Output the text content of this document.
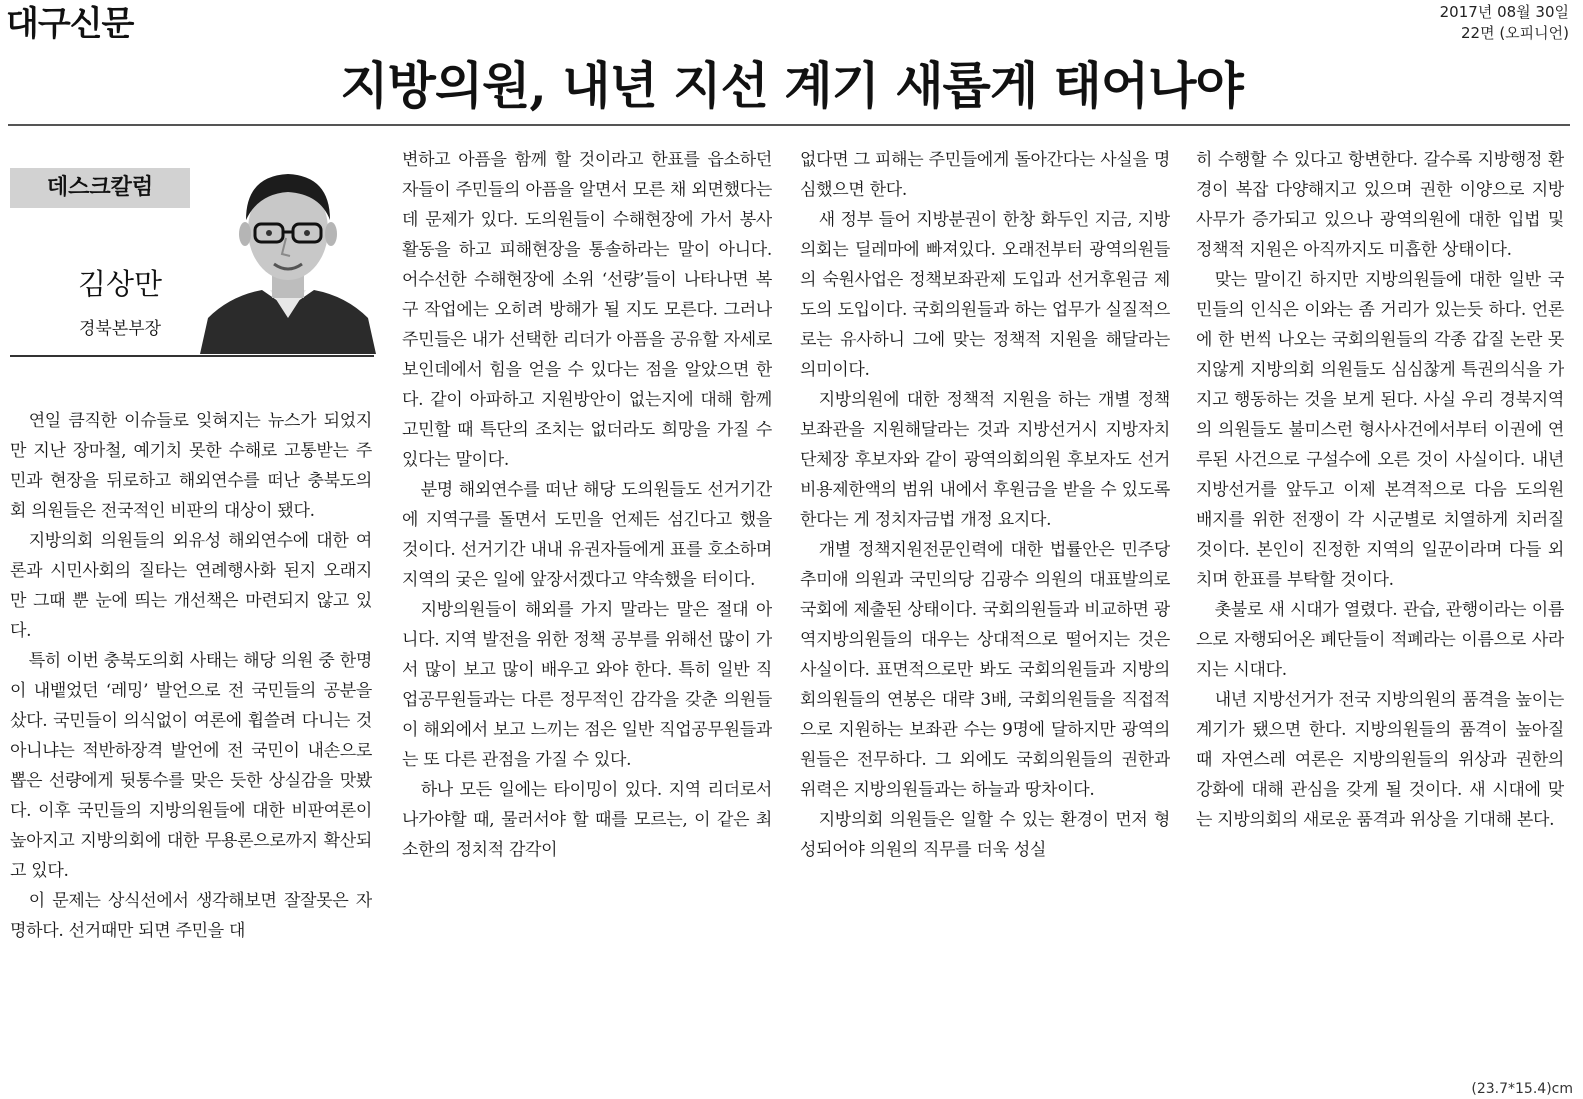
대구신문	2017년 08월 30일
22면 (오피니언)
지방의원, 내년 지선 계기 새롭게 태어나야
데스크칼럼
김상만
경북본부장

연일 큼직한 이슈들로 잊혀지는 뉴스가 되었지만 지난 장마철, 예기치 못한 수해로 고통받는 주민과 현장을 뒤로하고 해외연수를 떠난 충북도의회 의원들은 전국적인 비판의 대상이 됐다.

지방의회 의원들의 외유성 해외연수에 대한 여론과 시민사회의 질타는 연례행사화 된지 오래지만 그때 뿐 눈에 띄는 개선책은 마련되지 않고 있다.

특히 이번 충북도의회 사태는 해당 의원 중 한명이 내뱉었던 ‘레밍’ 발언으로 전 국민들의 공분을 샀다. 국민들이 의식없이 여론에 휩쓸려 다니는 것 아니냐는 적반하장격 발언에 전 국민이 내손으로 뽑은 선량에게 뒷통수를 맞은 듯한 상실감을 맛봤다. 이후 국민들의 지방의원들에 대한 비판여론이 높아지고 지방의회에 대한 무용론으로까지 확산되고 있다.

이 문제는 상식선에서 생각해보면 잘잘못은 자명하다. 선거때만 되면 주민을 대

변하고 아픔을 함께 할 것이라고 한표를 읍소하던 자들이 주민들의 아픔을 알면서 모른 채 외면했다는데 문제가 있다. 도의원들이 수해현장에 가서 봉사활동을 하고 피해현장을 통솔하라는 말이 아니다. 어수선한 수해현장에 소위 ‘선량’들이 나타나면 복구 작업에는 오히려 방해가 될 지도 모른다. 그러나 주민들은 내가 선택한 리더가 아픔을 공유할 자세로 보인데에서 힘을 얻을 수 있다는 점을 알았으면 한다. 같이 아파하고 지원방안이 없는지에 대해 함께 고민할 때 특단의 조치는 없더라도 희망을 가질 수 있다는 말이다.

분명 해외연수를 떠난 해당 도의원들도 선거기간에 지역구를 돌면서 도민을 언제든 섬긴다고 했을 것이다. 선거기간 내내 유권자들에게 표를 호소하며 지역의 궂은 일에 앞장서겠다고 약속했을 터이다.

지방의원들이 해외를 가지 말라는 말은 절대 아니다. 지역 발전을 위한 정책 공부를 위해선 많이 가서 많이 보고 많이 배우고 와야 한다. 특히 일반 직업공무원들과는 다른 정무적인 감각을 갖춘 의원들이 해외에서 보고 느끼는 점은 일반 직업공무원들과는 또 다른 관점을 가질 수 있다.

하나 모든 일에는 타이밍이 있다. 지역 리더로서 나가야할 때, 물러서야 할 때를 모르는, 이 같은 최소한의 정치적 감각이

없다면 그 피해는 주민들에게 돌아간다는 사실을 명심했으면 한다.

새 정부 들어 지방분권이 한창 화두인 지금, 지방의회는 딜레마에 빠져있다. 오래전부터 광역의원들의 숙원사업은 정책보좌관제 도입과 선거후원금 제도의 도입이다. 국회의원들과 하는 업무가 실질적으로는 유사하니 그에 맞는 정책적 지원을 해달라는 의미이다.

지방의원에 대한 정책적 지원을 하는 개별 정책보좌관을 지원해달라는 것과 지방선거시 지방자치단체장 후보자와 같이 광역의회의원 후보자도 선거비용제한액의 범위 내에서 후원금을 받을 수 있도록 한다는 게 정치자금법 개정 요지다.

개별 정책지원전문인력에 대한 법률안은 민주당 추미애 의원과 국민의당 김광수 의원의 대표발의로 국회에 제출된 상태이다. 국회의원들과 비교하면 광역지방의원들의 대우는 상대적으로 떨어지는 것은 사실이다. 표면적으로만 봐도 국회의원들과 지방의회의원들의 연봉은 대략 3배, 국회의원들을 직접적으로 지원하는 보좌관 수는 9명에 달하지만 광역의원들은 전무하다. 그 외에도 국회의원들의 권한과 위력은 지방의원들과는 하늘과 땅차이다.

지방의회 의원들은 일할 수 있는 환경이 먼저 형성되어야 의원의 직무를 더욱 성실

히 수행할 수 있다고 항변한다. 갈수록 지방행정 환경이 복잡 다양해지고 있으며 권한 이양으로 지방 사무가 증가되고 있으나 광역의원에 대한 입법 및 정책적 지원은 아직까지도 미흡한 상태이다.

맞는 말이긴 하지만 지방의원들에 대한 일반 국민들의 인식은 이와는 좀 거리가 있는듯 하다. 언론에 한 번씩 나오는 국회의원들의 각종 갑질 논란 못지않게 지방의회 의원들도 심심찮게 특권의식을 가지고 행동하는 것을 보게 된다. 사실 우리 경북지역의 의원들도 불미스런 형사사건에서부터 이권에 연루된 사건으로 구설수에 오른 것이 사실이다. 내년 지방선거를 앞두고 이제 본격적으로 다음 도의원 배지를 위한 전쟁이 각 시군별로 치열하게 치러질 것이다. 본인이 진정한 지역의 일꾼이라며 다들 외치며 한표를 부탁할 것이다.

촛불로 새 시대가 열렸다. 관습, 관행이라는 이름으로 자행되어온 폐단들이 적폐라는 이름으로 사라지는 시대다.

내년 지방선거가 전국 지방의원의 품격을 높이는 계기가 됐으면 한다. 지방의원들의 품격이 높아질 때 자연스레 여론은 지방의원들의 위상과 권한의 강화에 대해 관심을 갖게 될 것이다. 새 시대에 맞는 지방의회의 새로운 품격과 위상을 기대해 본다.

(23.7*15.4)cm
